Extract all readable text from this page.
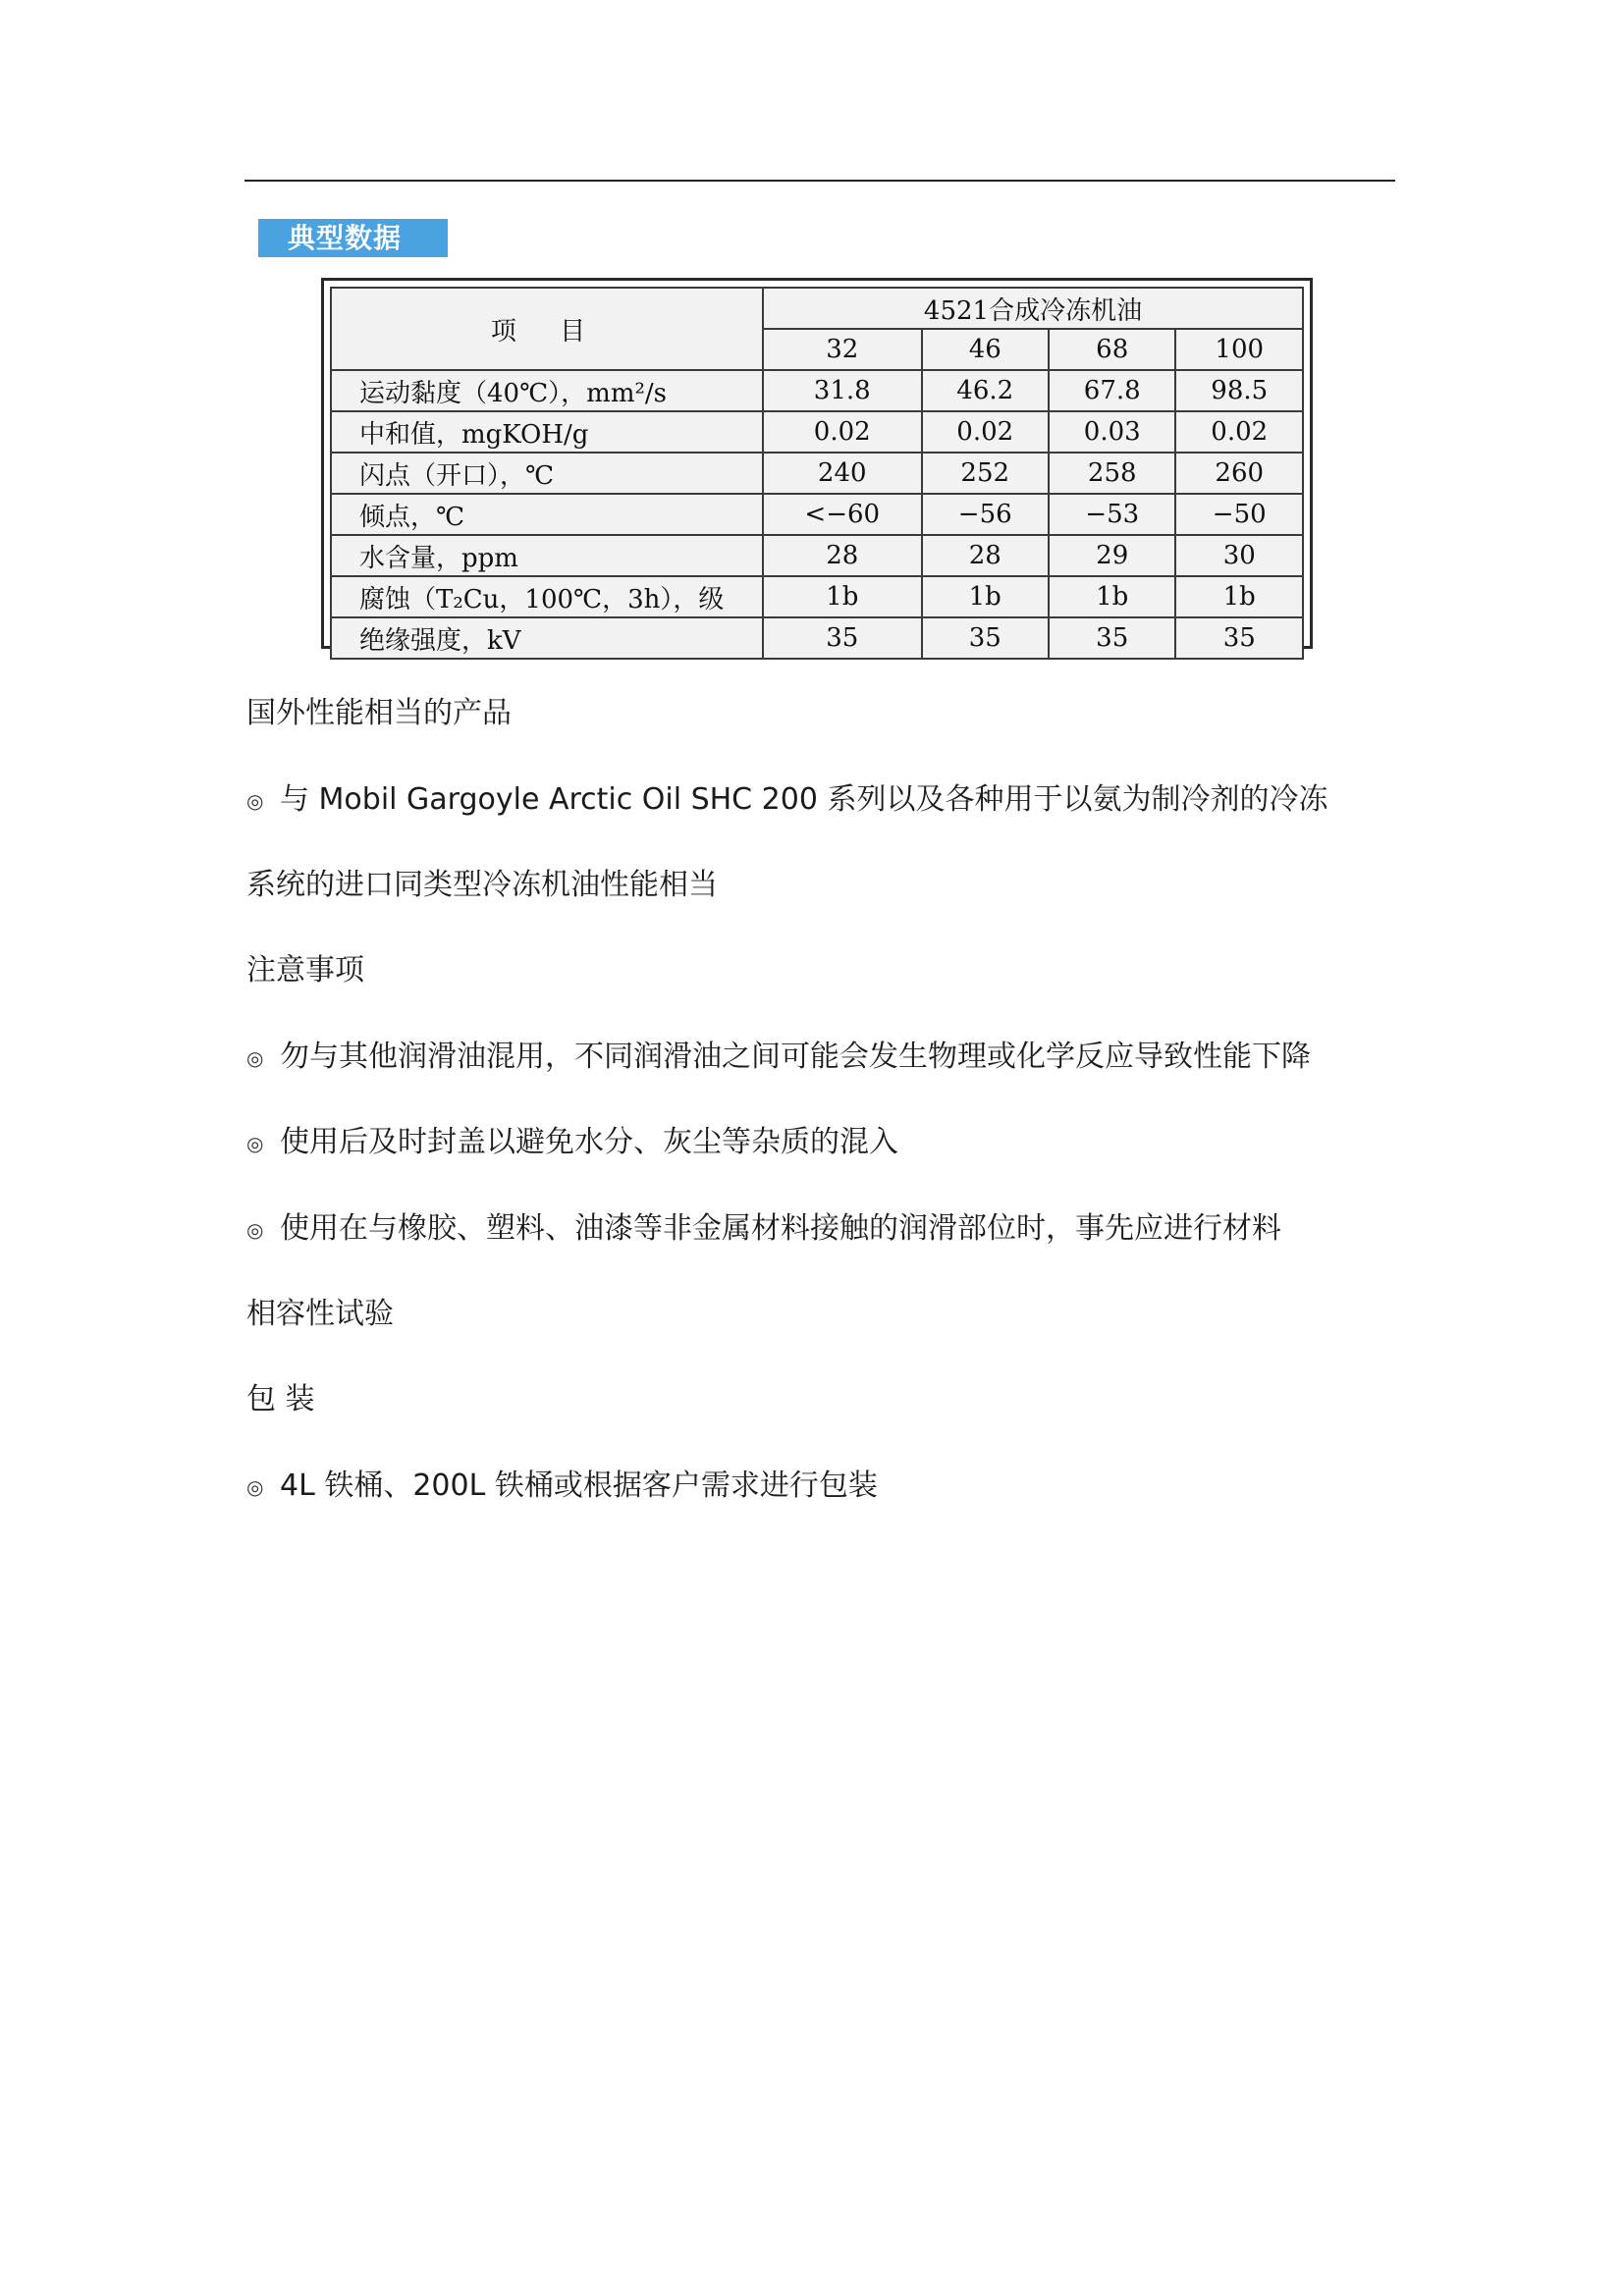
典型数据
项 目	4521合成冷冻机油			
	32	46	68	100
运动黏度（40℃），mm²/s	31.8	46.2	67.8	98.5
中和值，mgKOH/g	0.02	0.02	0.03	0.02
闪点（开口），℃	240	252	258	260
倾点，℃	<−60	−56	−53	−50
水含量，ppm	28	28	29	30
腐蚀（T₂Cu，100℃，3h），级	1b	1b	1b	1b
绝缘强度，kV	35	35	35	35
国外性能相当的产品
◎ 与 Mobil Gargoyle Arctic Oil SHC 200 系列以及各种用于以氨为制冷剂的冷冻
系统的进口同类型冷冻机油性能相当
注意事项
◎ 勿与其他润滑油混用，不同润滑油之间可能会发生物理或化学反应导致性能下降
◎ 使用后及时封盖以避免水分、灰尘等杂质的混入
◎ 使用在与橡胶、塑料、油漆等非金属材料接触的润滑部位时，事先应进行材料
相容性试验
包 装
◎ 4L 铁桶、200L 铁桶或根据客户需求进行包装
